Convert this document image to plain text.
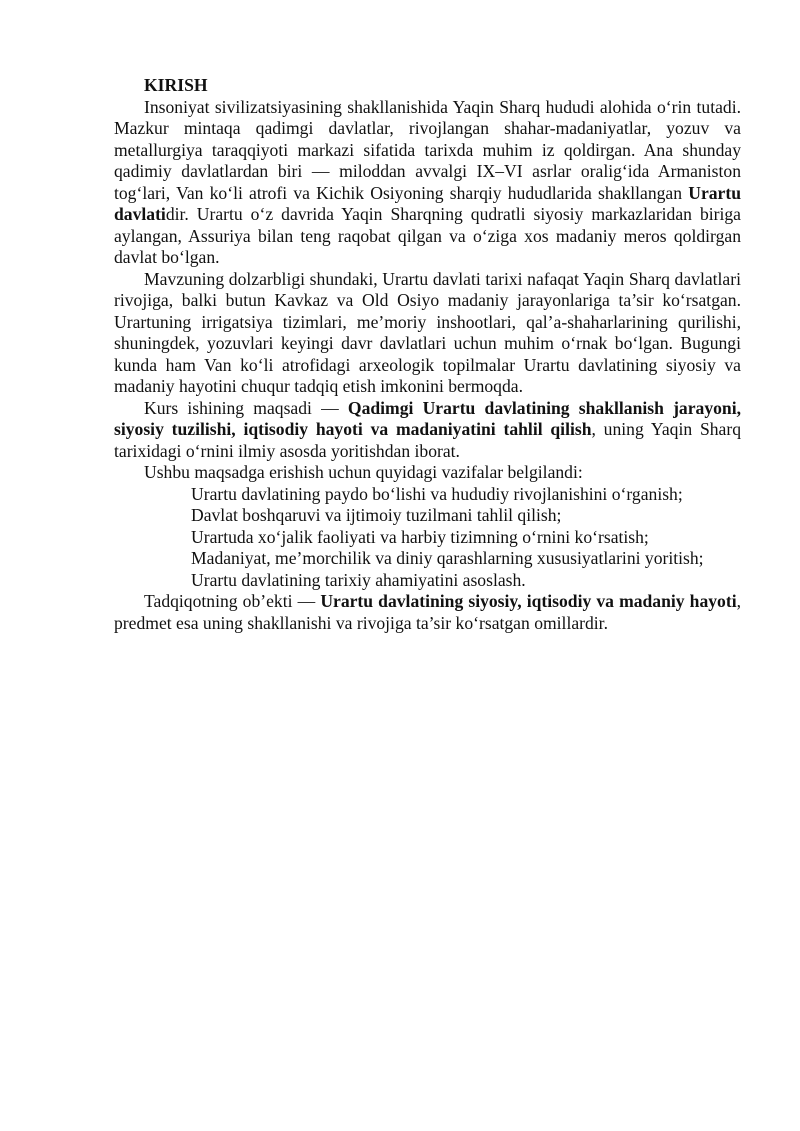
KIRISH

Insoniyat sivilizatsiyasining shakllanishida Yaqin Sharq hududi alohida o‘rin tutadi. Mazkur mintaqa qadimgi davlatlar, rivojlangan shahar-madaniyatlar, yozuv va metallurgiya taraqqiyoti markazi sifatida tarixda muhim iz qoldirgan. Ana shunday qadimiy davlatlardan biri — miloddan avvalgi IX–VI asrlar oralig‘ida Armaniston tog‘lari, Van ko‘li atrofi va Kichik Osiyoning sharqiy hududlarida shakllangan Urartu davlatidir. Urartu o‘z davrida Yaqin Sharqning qudratli siyosiy markazlaridan biriga aylangan, Assuriya bilan teng raqobat qilgan va o‘ziga xos madaniy meros qoldirgan davlat bo‘lgan.

Mavzuning dolzarbligi shundaki, Urartu davlati tarixi nafaqat Yaqin Sharq davlatlari rivojiga, balki butun Kavkaz va Old Osiyo madaniy jarayonlariga ta’sir ko‘rsatgan. Urartuning irrigatsiya tizimlari, me’moriy inshootlari, qal’a-shaharlarining qurilishi, shuningdek, yozuvlari keyingi davr davlatlari uchun muhim o‘rnak bo‘lgan. Bugungi kunda ham Van ko‘li atrofidagi arxeologik topilmalar Urartu davlatining siyosiy va madaniy hayotini chuqur tadqiq etish imkonini bermoqda.

Kurs ishining maqsadi — Qadimgi Urartu davlatining shakllanish jarayoni, siyosiy tuzilishi, iqtisodiy hayoti va madaniyatini tahlil qilish, uning Yaqin Sharq tarixidagi o‘rnini ilmiy asosda yoritishdan iborat.

Ushbu maqsadga erishish uchun quyidagi vazifalar belgilandi:

Urartu davlatining paydo bo‘lishi va hududiy rivojlanishini o‘rganish;

Davlat boshqaruvi va ijtimoiy tuzilmani tahlil qilish;

Urartuda xo‘jalik faoliyati va harbiy tizimning o‘rnini ko‘rsatish;

Madaniyat, me’morchilik va diniy qarashlarning xususiyatlarini yoritish;

Urartu davlatining tarixiy ahamiyatini asoslash.

Tadqiqotning ob’ekti — Urartu davlatining siyosiy, iqtisodiy va madaniy hayoti, predmet esa uning shakllanishi va rivojiga ta’sir ko‘rsatgan omillardir.
